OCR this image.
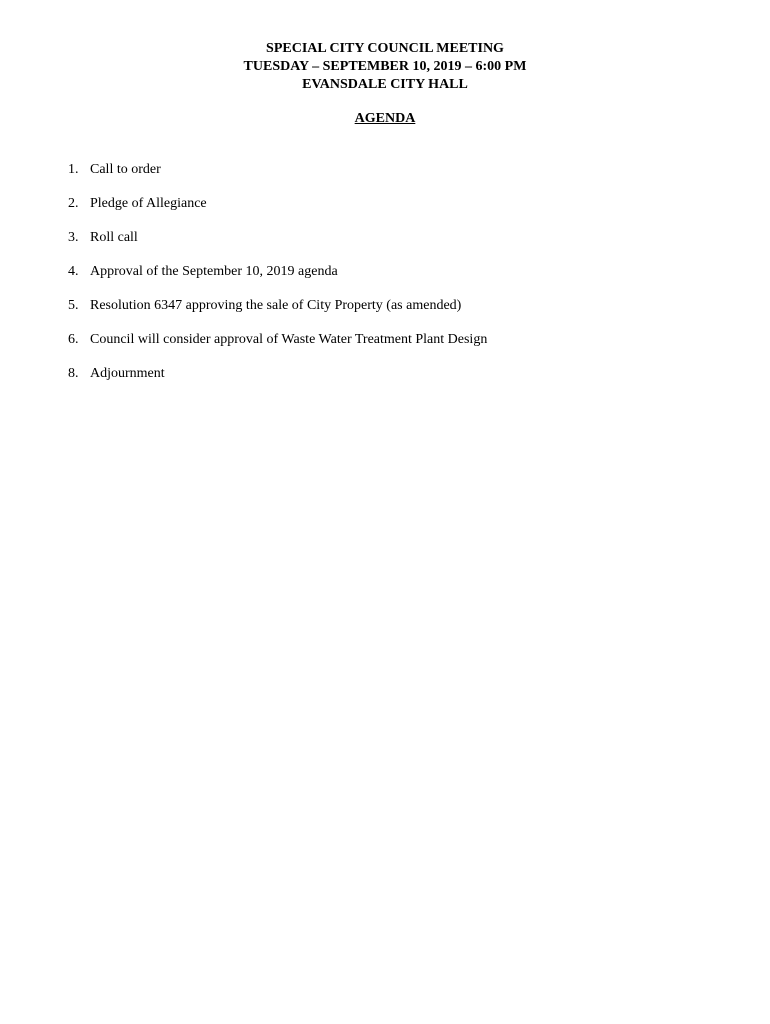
SPECIAL CITY COUNCIL MEETING

TUESDAY – SEPTEMBER 10, 2019 – 6:00 PM

EVANSDALE CITY HALL

AGENDA
1. Call to order
2. Pledge of Allegiance
3. Roll call
4. Approval of the September 10, 2019 agenda
5. Resolution 6347 approving the sale of City Property (as amended)
6. Council will consider approval of Waste Water Treatment Plant Design
8. Adjournment
